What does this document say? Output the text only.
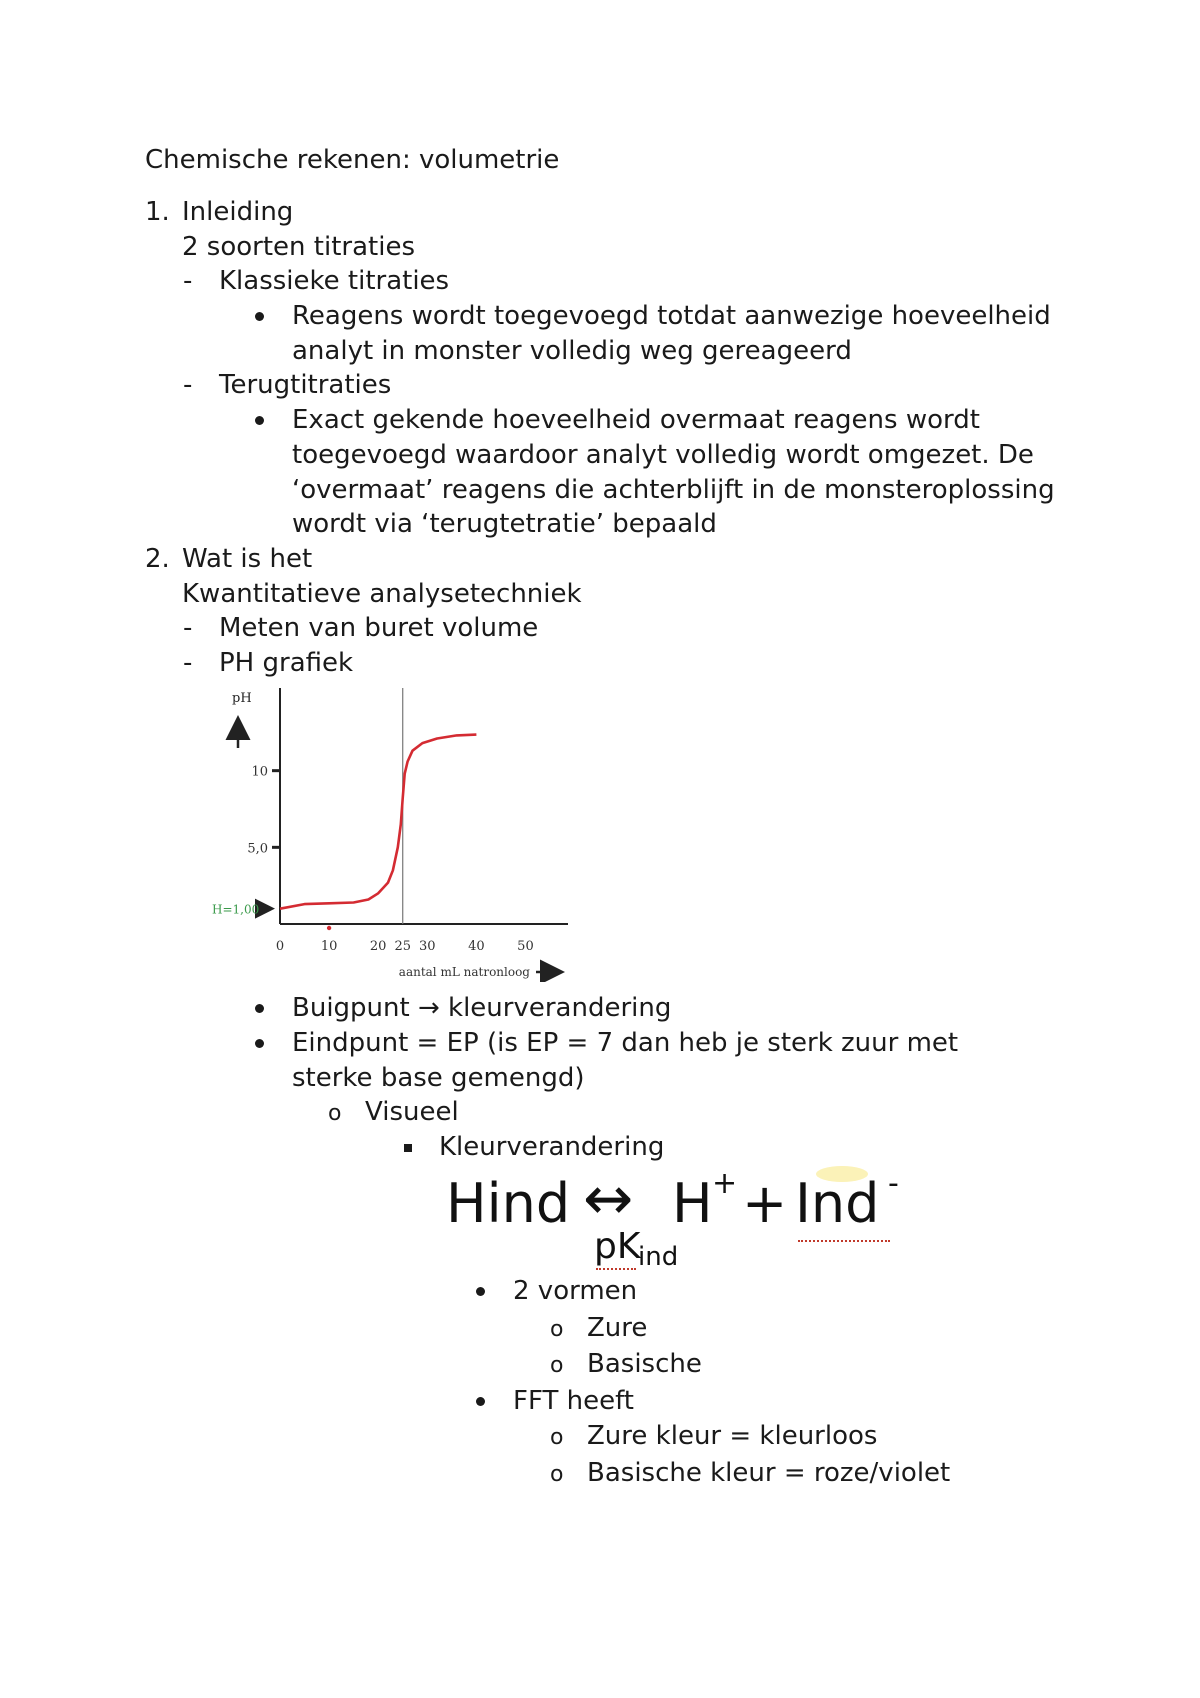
Chemische rekenen: volumetrie
1. Inleiding
2 soorten titraties
- Klassieke titraties
Reagens wordt toegevoegd totdat aanwezige hoeveelheid
analyt in monster volledig weg gereageerd
- Terugtitraties
Exact gekende hoeveelheid overmaat reagens wordt
toegevoegd waardoor analyt volledig wordt omgezet. De
‘overmaat’ reagens die achterblijft in de monsteroplossing
wordt via ‘terugtetratie’ bepaald
2. Wat is het
Kwantitatieve analysetechniek
- Meten van buret volume
- PH grafiek
pH
10
5,0
H=1,00
0	10	20 25 30	40	50
aantal mL natronloog
Buigpunt → kleurverandering
Eindpunt = EP (is EP = 7 dan heb je sterk zuur met
sterke base gemengd)
o Visueel
Kleurverandering
Hind ↔ H + + Ind -
pK
ind
2 vormen
o Zure
o Basische
FFT heeft
o Zure kleur = kleurloos
o Basische kleur = roze/violet
